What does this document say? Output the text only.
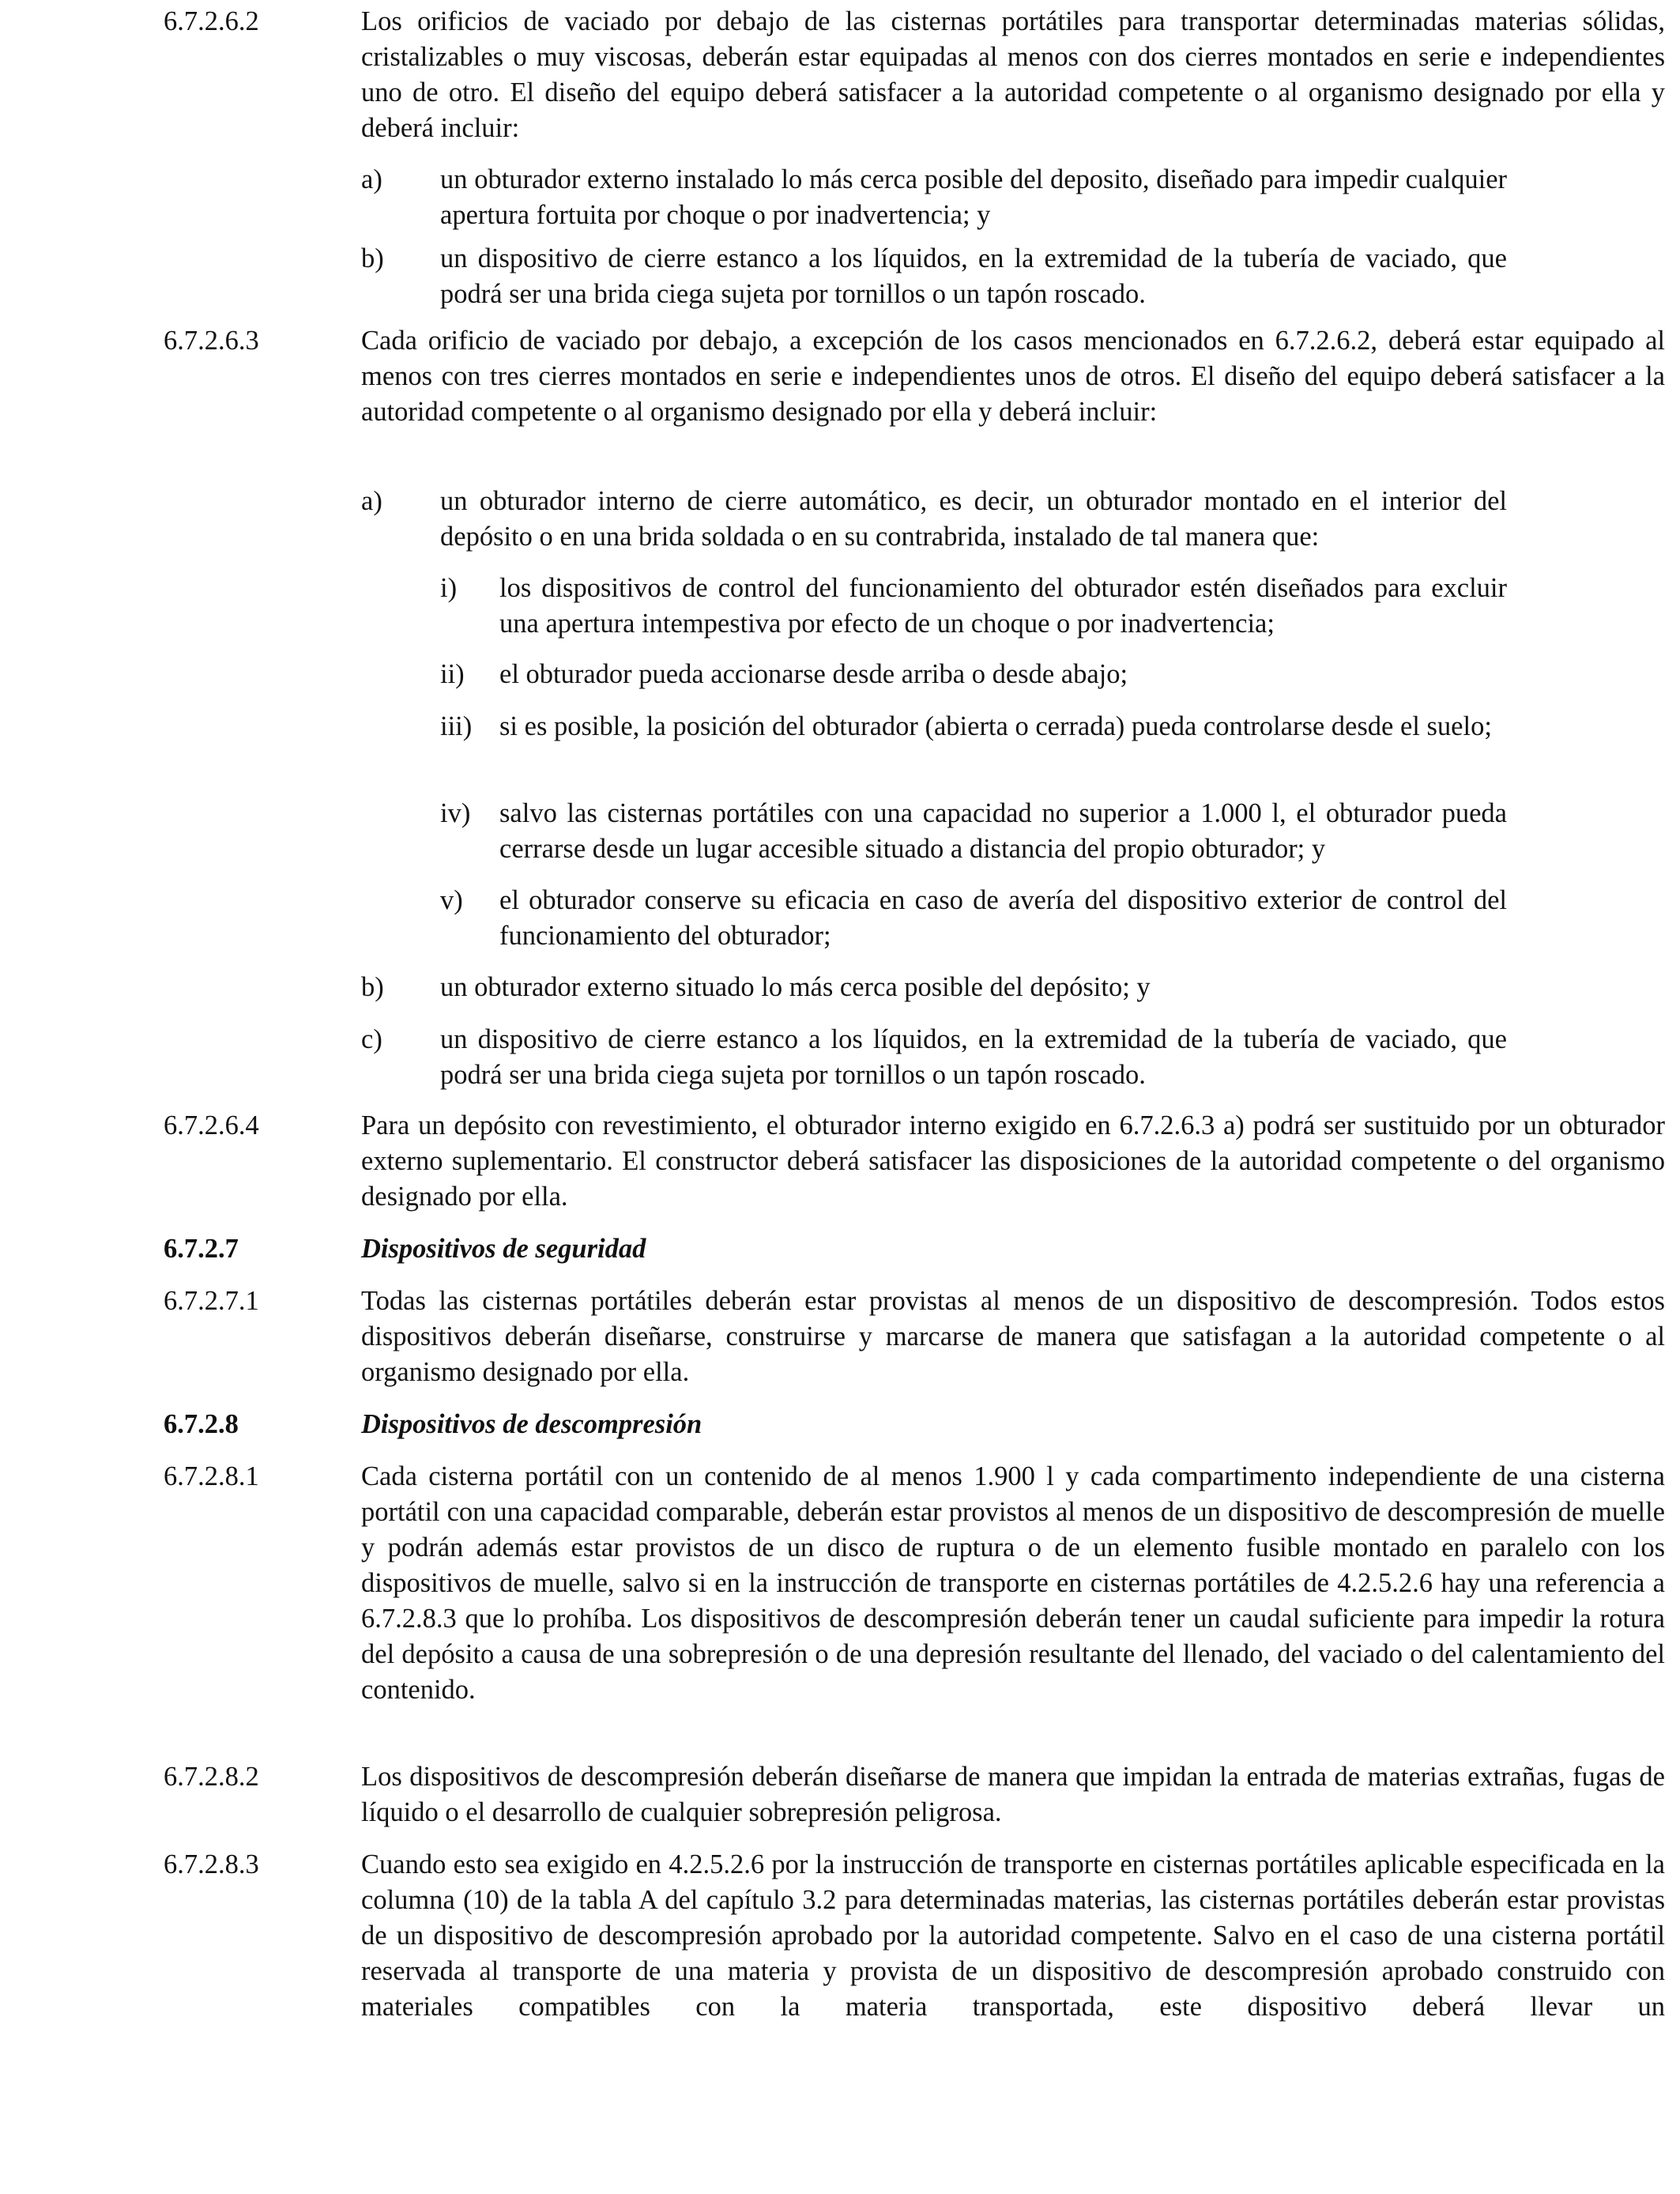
6.7.2.6.2	Los orificios de vaciado por debajo de las cisternas portátiles para transportar determinadas materias sólidas, cristalizables o muy viscosas, deberán estar equipadas al menos con dos cierres montados en serie e independientes uno de otro. El diseño del equipo deberá satisfacer a la autoridad competente o al organismo designado por ella y deberá incluir:
a) un obturador externo instalado lo más cerca posible del deposito, diseñado para impedir cualquier apertura fortuita por choque o por inadvertencia; y
b) un dispositivo de cierre estanco a los líquidos, en la extremidad de la tubería de vaciado, que podrá ser una brida ciega sujeta por tornillos o un tapón roscado.
6.7.2.6.3	Cada orificio de vaciado por debajo, a excepción de los casos mencionados en 6.7.2.6.2, deberá estar equipado al menos con tres cierres montados en serie e independientes unos de otros. El diseño del equipo deberá satisfacer a la autoridad competente o al organismo designado por ella y deberá incluir:
a) un obturador interno de cierre automático, es decir, un obturador montado en el interior del depósito o en una brida soldada o en su contrabrida, instalado de tal manera que:
i) los dispositivos de control del funcionamiento del obturador estén diseñados para excluir una apertura intempestiva por efecto de un choque o por inadvertencia;
ii) el obturador pueda accionarse desde arriba o desde abajo;
iii) si es posible, la posición del obturador (abierta o cerrada) pueda controlarse desde el suelo;
iv) salvo las cisternas portátiles con una capacidad no superior a 1.000 l, el obturador pueda cerrarse desde un lugar accesible situado a distancia del propio obturador; y
v) el obturador conserve su eficacia en caso de avería del dispositivo exterior de control del funcionamiento del obturador;
b) un obturador externo situado lo más cerca posible del depósito; y
c) un dispositivo de cierre estanco a los líquidos, en la extremidad de la tubería de vaciado, que podrá ser una brida ciega sujeta por tornillos o un tapón roscado.
6.7.2.6.4	Para un depósito con revestimiento, el obturador interno exigido en 6.7.2.6.3 a) podrá ser sustituido por un obturador externo suplementario. El constructor deberá satisfacer las disposiciones de la autoridad competente o del organismo designado por ella.
6.7.2.7	Dispositivos de seguridad
6.7.2.7.1	Todas las cisternas portátiles deberán estar provistas al menos de un dispositivo de descompresión. Todos estos dispositivos deberán diseñarse, construirse y marcarse de manera que satisfagan a la autoridad competente o al organismo designado por ella.
6.7.2.8	Dispositivos de descompresión
6.7.2.8.1	Cada cisterna portátil con un contenido de al menos 1.900 l y cada compartimento independiente de una cisterna portátil con una capacidad comparable, deberán estar provistos al menos de un dispositivo de descompresión de muelle y podrán además estar provistos de un disco de ruptura o de un elemento fusible montado en paralelo con los dispositivos de muelle, salvo si en la instrucción de transporte en cisternas portátiles de 4.2.5.2.6 hay una referencia a 6.7.2.8.3 que lo prohíba. Los dispositivos de descompresión deberán tener un caudal suficiente para impedir la rotura del depósito a causa de una sobrepresión o de una depresión resultante del llenado, del vaciado o del calentamiento del contenido.
6.7.2.8.2	Los dispositivos de descompresión deberán diseñarse de manera que impidan la entrada de materias extrañas, fugas de líquido o el desarrollo de cualquier sobrepresión peligrosa.
6.7.2.8.3	Cuando esto sea exigido en 4.2.5.2.6 por la instrucción de transporte en cisternas portátiles aplicable especificada en la columna (10) de la tabla A del capítulo 3.2 para determinadas materias, las cisternas portátiles deberán estar provistas de un dispositivo de descompresión aprobado por la autoridad competente. Salvo en el caso de una cisterna portátil reservada al transporte de una materia y provista de un dispositivo de descompresión aprobado construido con materiales compatibles con la materia transportada, este dispositivo deberá llevar un
